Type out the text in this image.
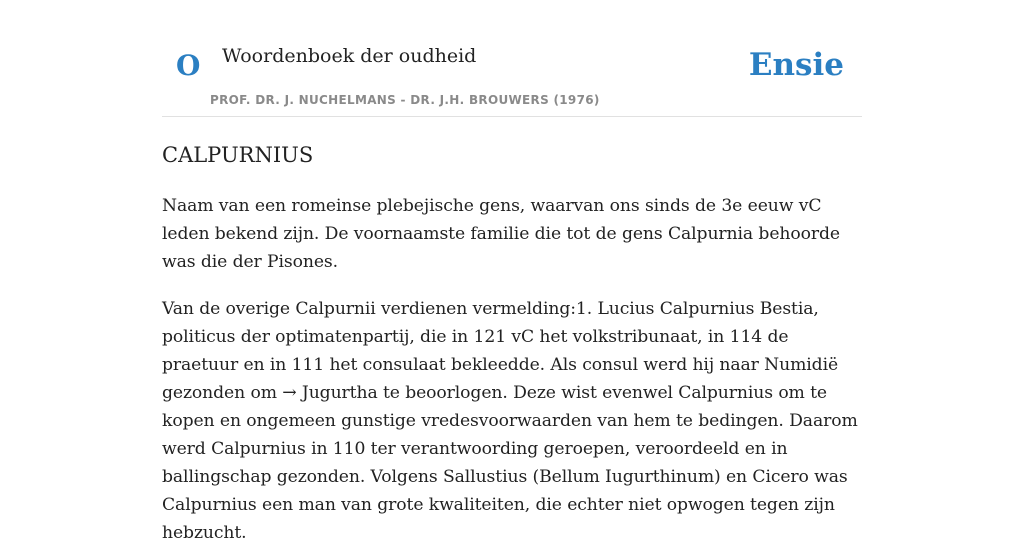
O Woordenboek der oudheid
PROF. DR. J. NUCHELMANS - DR. J.H. BROUWERS (1976)
Ensie
CALPURNIUS

Naam van een romeinse plebejische gens, waarvan ons sinds de 3e eeuw vC leden bekend zijn. De voornaamste familie die tot de gens Calpurnia behoorde was die der Pisones.

Van de overige Calpurnii verdienen vermelding:1. Lucius Calpurnius Bestia, politicus der optimatenpartij, die in 121 vC het volkstribunaat, in 114 de praetuur en in 111 het consulaat bekleedde. Als consul werd hij naar Numidië gezonden om → Jugurtha te beoorlogen. Deze wist evenwel Calpurnius om te kopen en ongemeen gunstige vredesvoorwaarden van hem te bedingen. Daarom werd Calpurnius in 110 ter verantwoording geroepen, veroordeeld en in ballingschap gezonden. Volgens Sallustius (Bellum Iugurthinum) en Cicero was Calpurnius een man van grote kwaliteiten, die echter niet opwogen tegen zijn hebzucht.
